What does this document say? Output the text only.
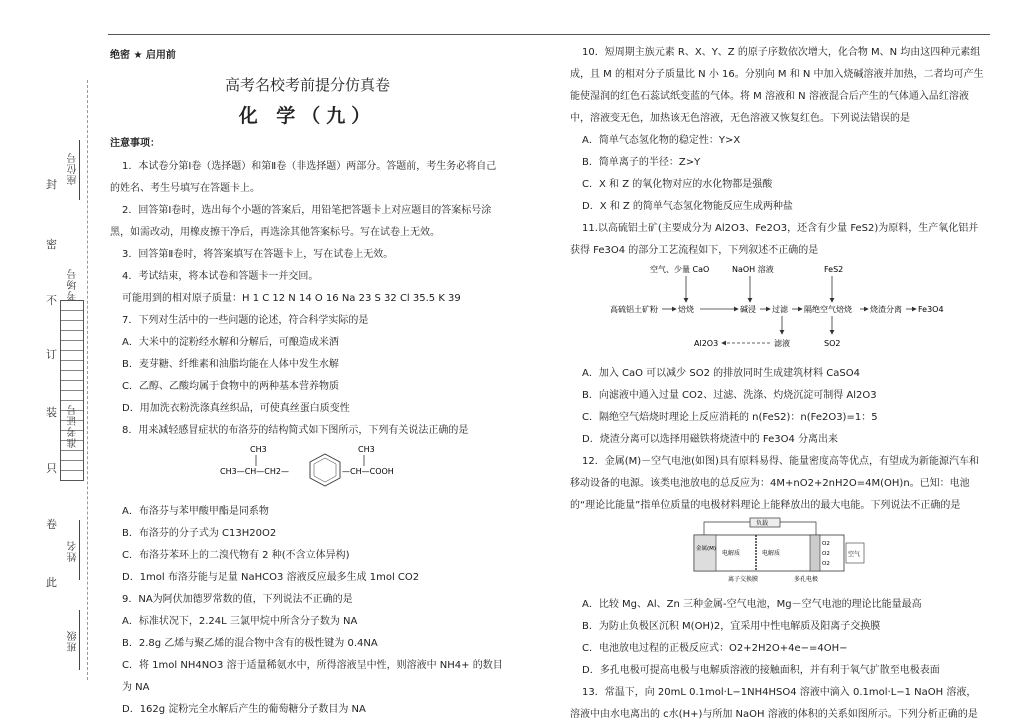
封
密
不
订
装
只
卷
此
座位号
考场号
准考证号
姓名
班级

绝密 ★ 启用前

高考名校考前提分仿真卷

化 学（九）

注意事项：

1．本试卷分第Ⅰ卷（选择题）和第Ⅱ卷（非选择题）两部分。答题前，考生务必将自己的姓名、考生号填写在答题卡上。

2．回答第Ⅰ卷时，选出每个小题的答案后，用铅笔把答题卡上对应题目的答案标号涂黑，如需改动，用橡皮擦干净后，再选涂其他答案标号。写在试卷上无效。

3．回答第Ⅱ卷时，将答案填写在答题卡上，写在试卷上无效。

4．考试结束，将本试卷和答题卡一并交回。

可能用到的相对原子质量：H 1 C 12 N 14 O 16 Na 23 S 32 Cl 35.5 K 39

7．下列对生活中的一些问题的论述，符合科学实际的是

A．大米中的淀粉经水解和分解后，可酿造成米酒

B．麦芽糖、纤维素和油脂均能在人体中发生水解

C．乙醇、乙酸均属于食物中的两种基本营养物质

D．用加洗衣粉洗涤真丝织品，可使真丝蛋白质变性

8．用来减轻感冒症状的布洛芬的结构简式如下图所示，下列有关说法正确的是

CH3
CH3—CH—CH2—
CH3
—CH—COOH

A．布洛芬与苯甲酸甲酯是同系物

B．布洛芬的分子式为 C13H20O2

C．布洛芬苯环上的二溴代物有 2 种(不含立体异构)

D．1mol 布洛芬能与足量 NaHCO3 溶液反应最多生成 1mol CO2

9．NA为阿伏加德罗常数的值，下列说法不正确的是

A．标准状况下，2.24L 三氯甲烷中所含分子数为 NA

B．2.8g 乙烯与聚乙烯的混合物中含有的极性键为 0.4NA

C．将 1mol NH4NO3 溶于适量稀氨水中，所得溶液呈中性，则溶液中 NH4+ 的数目为 NA

D．162g 淀粉完全水解后产生的葡萄糖分子数目为 NA

10．短周期主族元素 R、X、Y、Z 的原子序数依次增大，化合物 M、N 均由这四种元素组成，且 M 的相对分子质量比 N 小 16。分别向 M 和 N 中加入烧碱溶液并加热，二者均可产生能使湿润的红色石蕊试纸变蓝的气体。将 M 溶液和 N 溶液混合后产生的气体通入品红溶液中，溶液变无色，加热该无色溶液，无色溶液又恢复红色。下列说法错误的是

A．简单气态氢化物的稳定性：Y>X

B．简单离子的半径：Z>Y

C．X 和 Z 的氧化物对应的水化物都是强酸

D．X 和 Z 的简单气态氢化物能反应生成两种盐

11.以高硫铝土矿(主要成分为 Al2O3、Fe2O3，还含有少量 FeS2)为原料，生产氧化铝并获得 Fe3O4 的部分工艺流程如下，下列叙述不正确的是

空气、少量 CaO	NaOH 溶液	FeS2
高硫铝土矿粉	焙烧	碱浸 过滤 隔绝空气焙烧 烧渣分离 Fe3O4
滤液
Al2O3	SO2

A．加入 CaO 可以减少 SO2 的排放同时生成建筑材料 CaSO4

B．向滤液中通入过量 CO2、过滤、洗涤、灼烧沉淀可制得 Al2O3

C．隔绝空气焙烧时理论上反应消耗的 n(FeS2)：n(Fe2O3)=1：5

D．烧渣分离可以选择用磁铁将烧渣中的 Fe3O4 分离出来

12．金属(M)－空气电池(如图)具有原料易得、能量密度高等优点，有望成为新能源汽车和移动设备的电源。该类电池放电的总反应为：4M+nO2+2nH2O=4M(OH)n。已知：电池的“理论比能量”指单位质量的电极材料理论上能释放出的最大电能。下列说法不正确的是

负载
金属(M)
电解质	电解质
O2
O2
O2
空气
离子交换膜	多孔电极

A．比较 Mg、Al、Zn 三种金属-空气电池，Mg－空气电池的理论比能量最高

B．为防止负极区沉积 M(OH)2，宜采用中性电解质及阳离子交换膜

C．电池放电过程的正极反应式：O2+2H2O+4e−=4OH−

D．多孔电极可提高电极与电解质溶液的接触面积，并有利于氧气扩散至电极表面

13．常温下，向 20mL 0.1mol·L−1NH4HSO4 溶液中滴入 0.1mol·L−1 NaOH 溶液，溶液中由水电离出的 c水(H+)与所加 NaOH 溶液的体积的关系如图所示。下列分析正确的是
